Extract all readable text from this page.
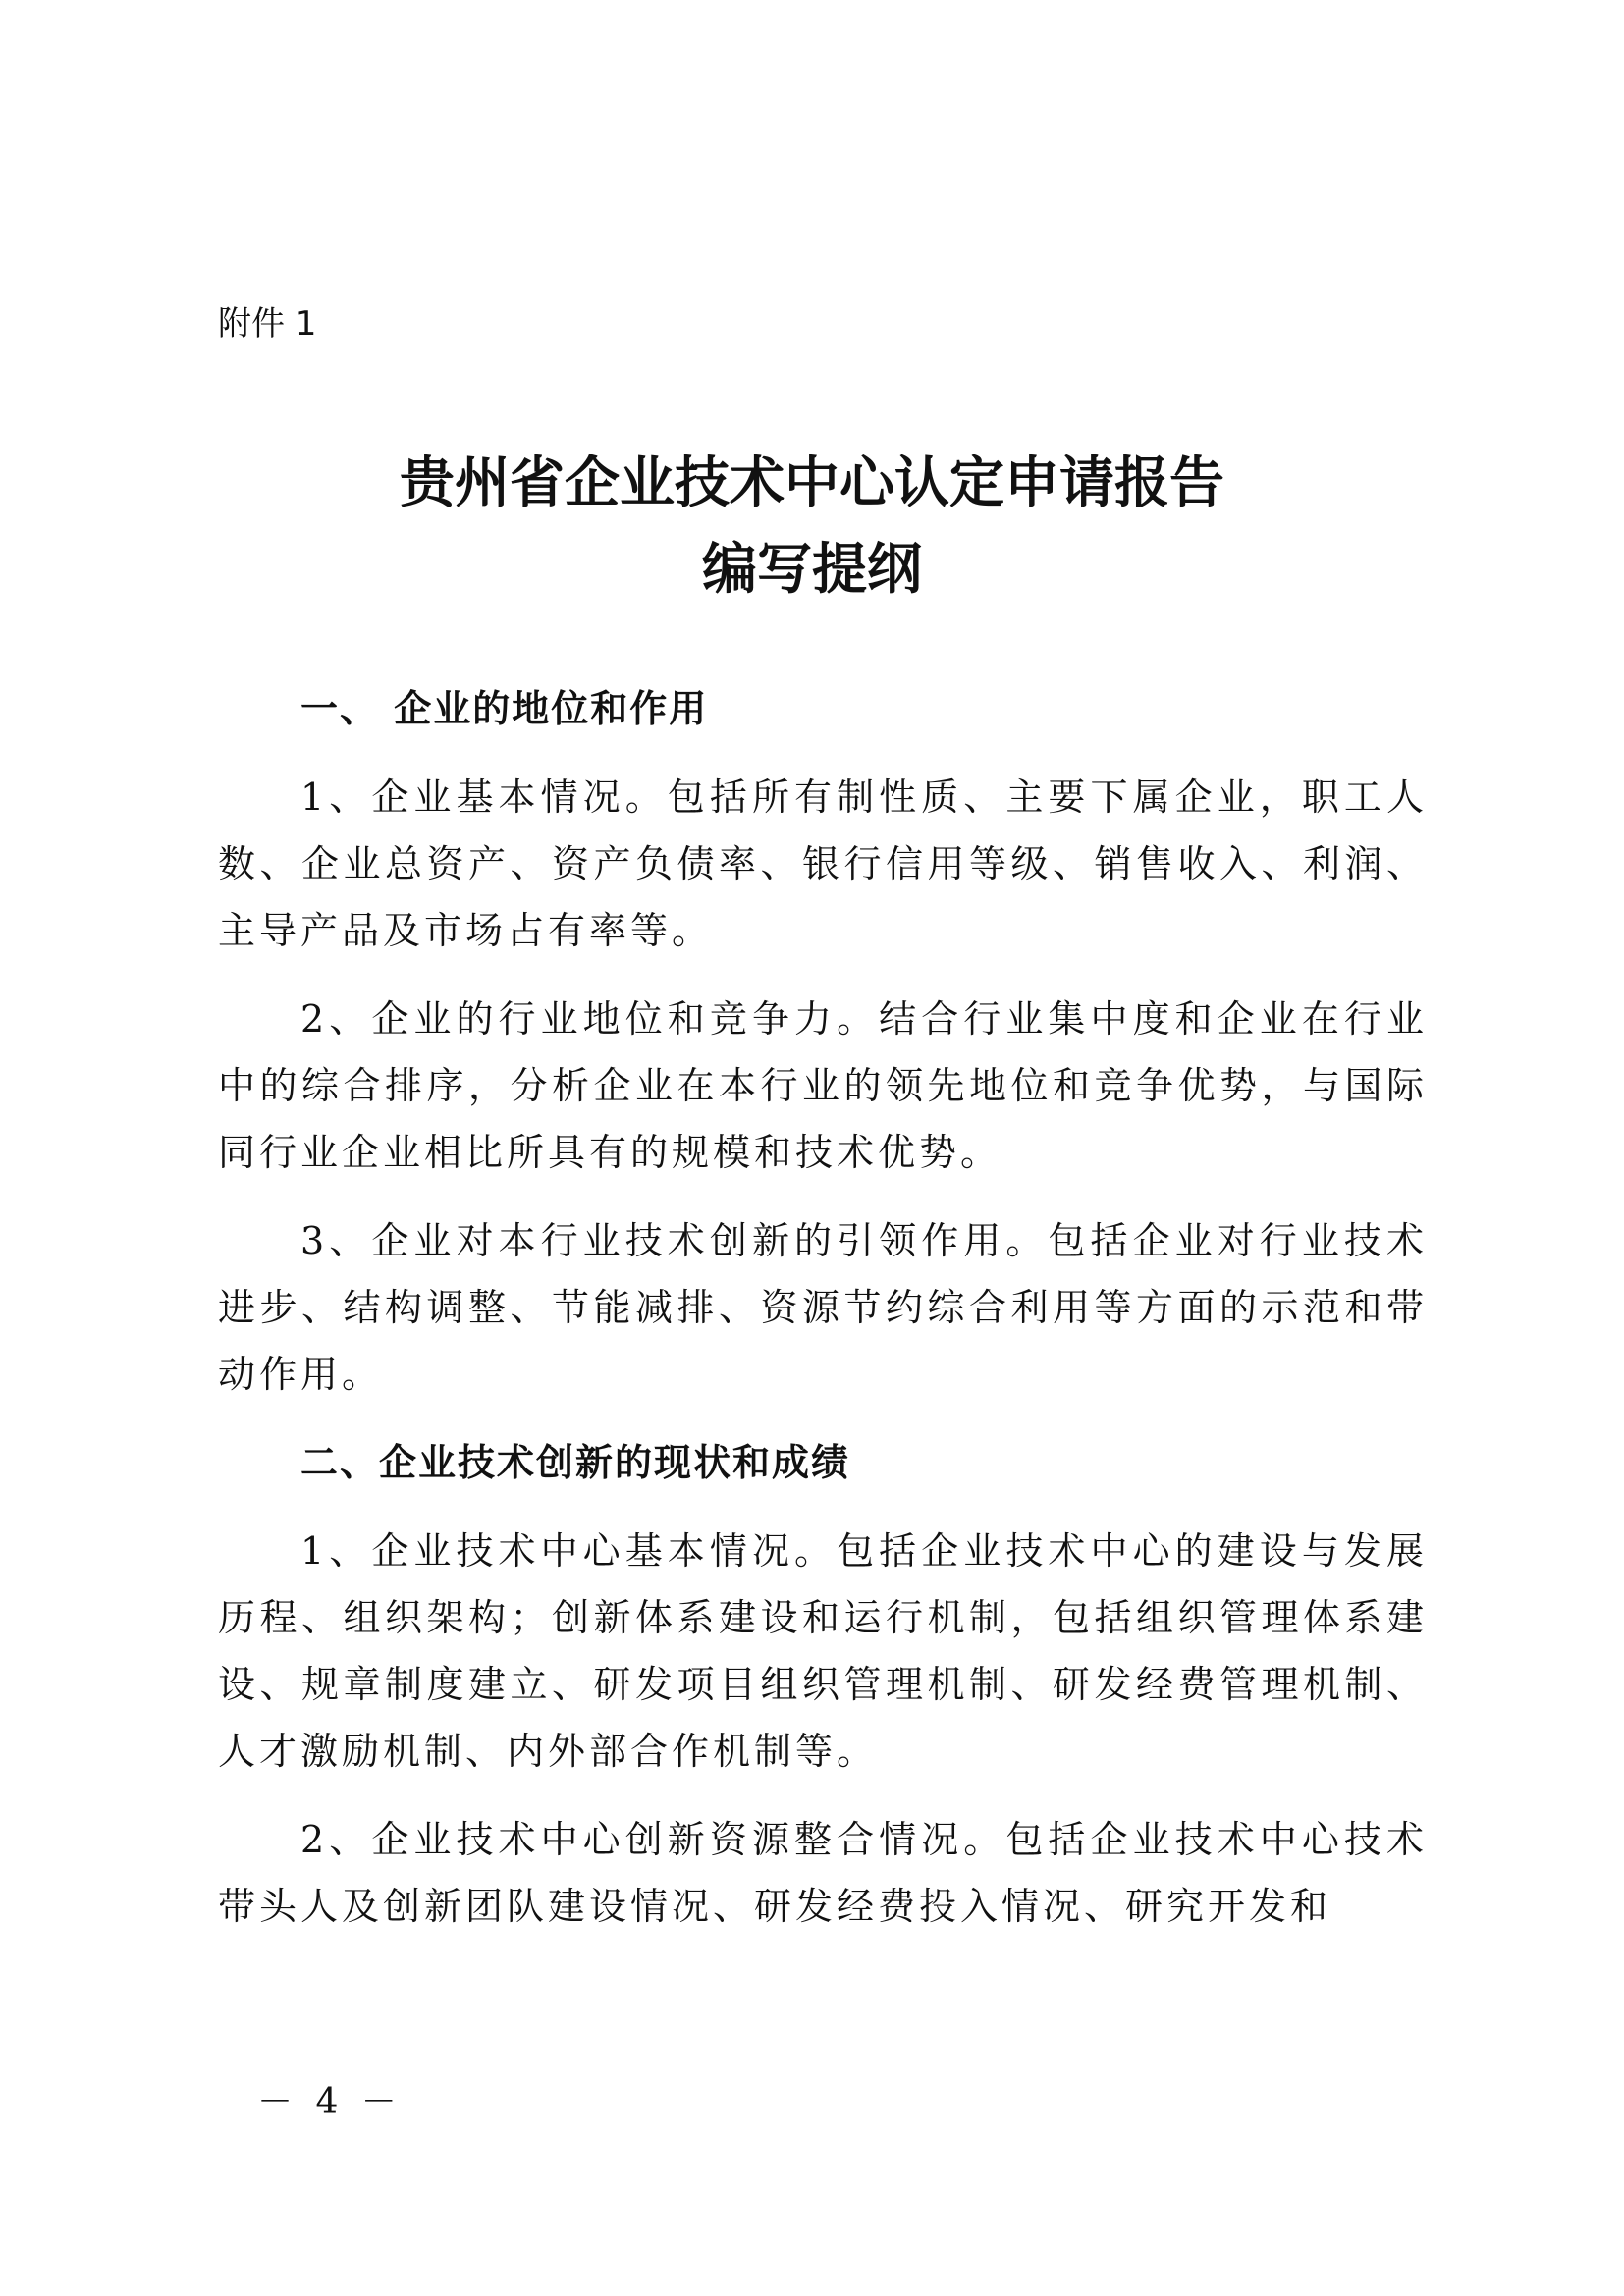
附件 1

贵州省企业技术中心认定申请报告
编写提纲
一、 企业的地位和作用

1、企业基本情况。包括所有制性质、主要下属企业，职工人数、企业总资产、资产负债率、银行信用等级、销售收入、利润、主导产品及市场占有率等。

2、企业的行业地位和竞争力。结合行业集中度和企业在行业中的综合排序，分析企业在本行业的领先地位和竞争优势，与国际同行业企业相比所具有的规模和技术优势。

3、企业对本行业技术创新的引领作用。包括企业对行业技术进步、结构调整、节能减排、资源节约综合利用等方面的示范和带动作用。

二、企业技术创新的现状和成绩

1、企业技术中心基本情况。包括企业技术中心的建设与发展历程、组织架构；创新体系建设和运行机制，包括组织管理体系建设、规章制度建立、研发项目组织管理机制、研发经费管理机制、人才激励机制、内外部合作机制等。

2、企业技术中心创新资源整合情况。包括企业技术中心技术带头人及创新团队建设情况、研发经费投入情况、研究开发和

－ 4 －
